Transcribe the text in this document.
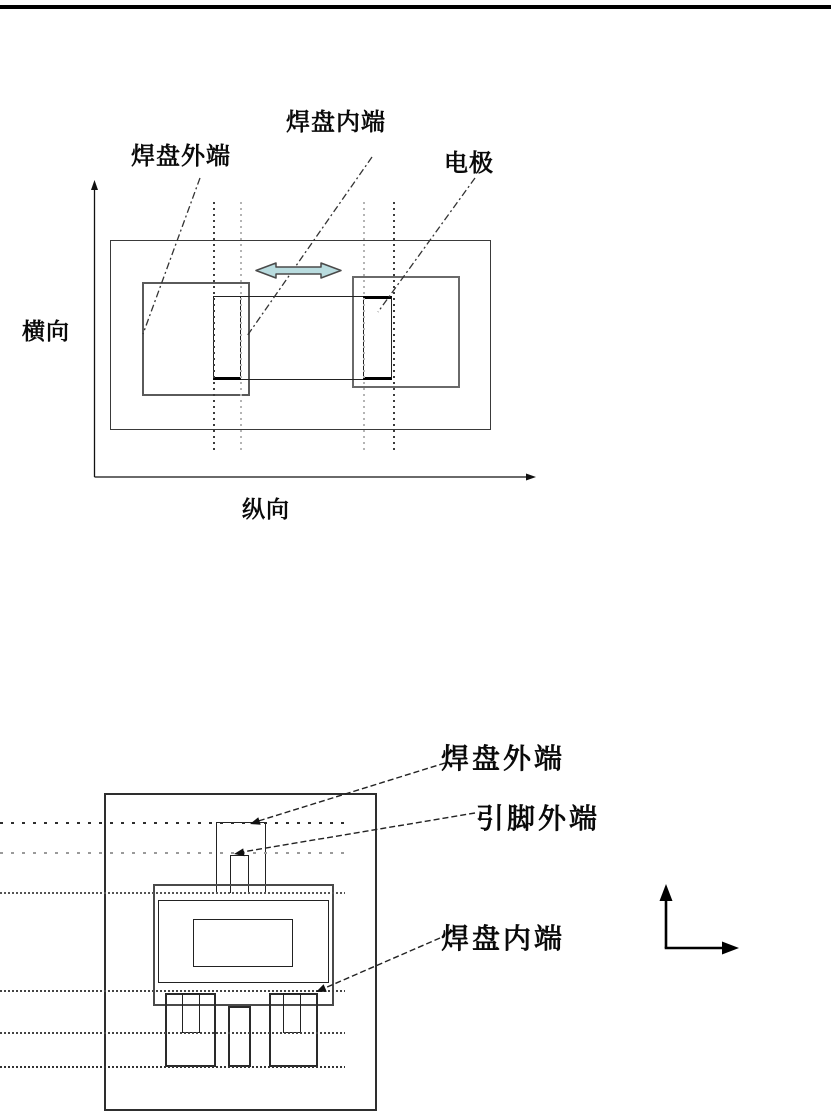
焊盘内端
焊盘外端	电极
横向
纵向
焊盘外端
引脚外端
焊盘内端
